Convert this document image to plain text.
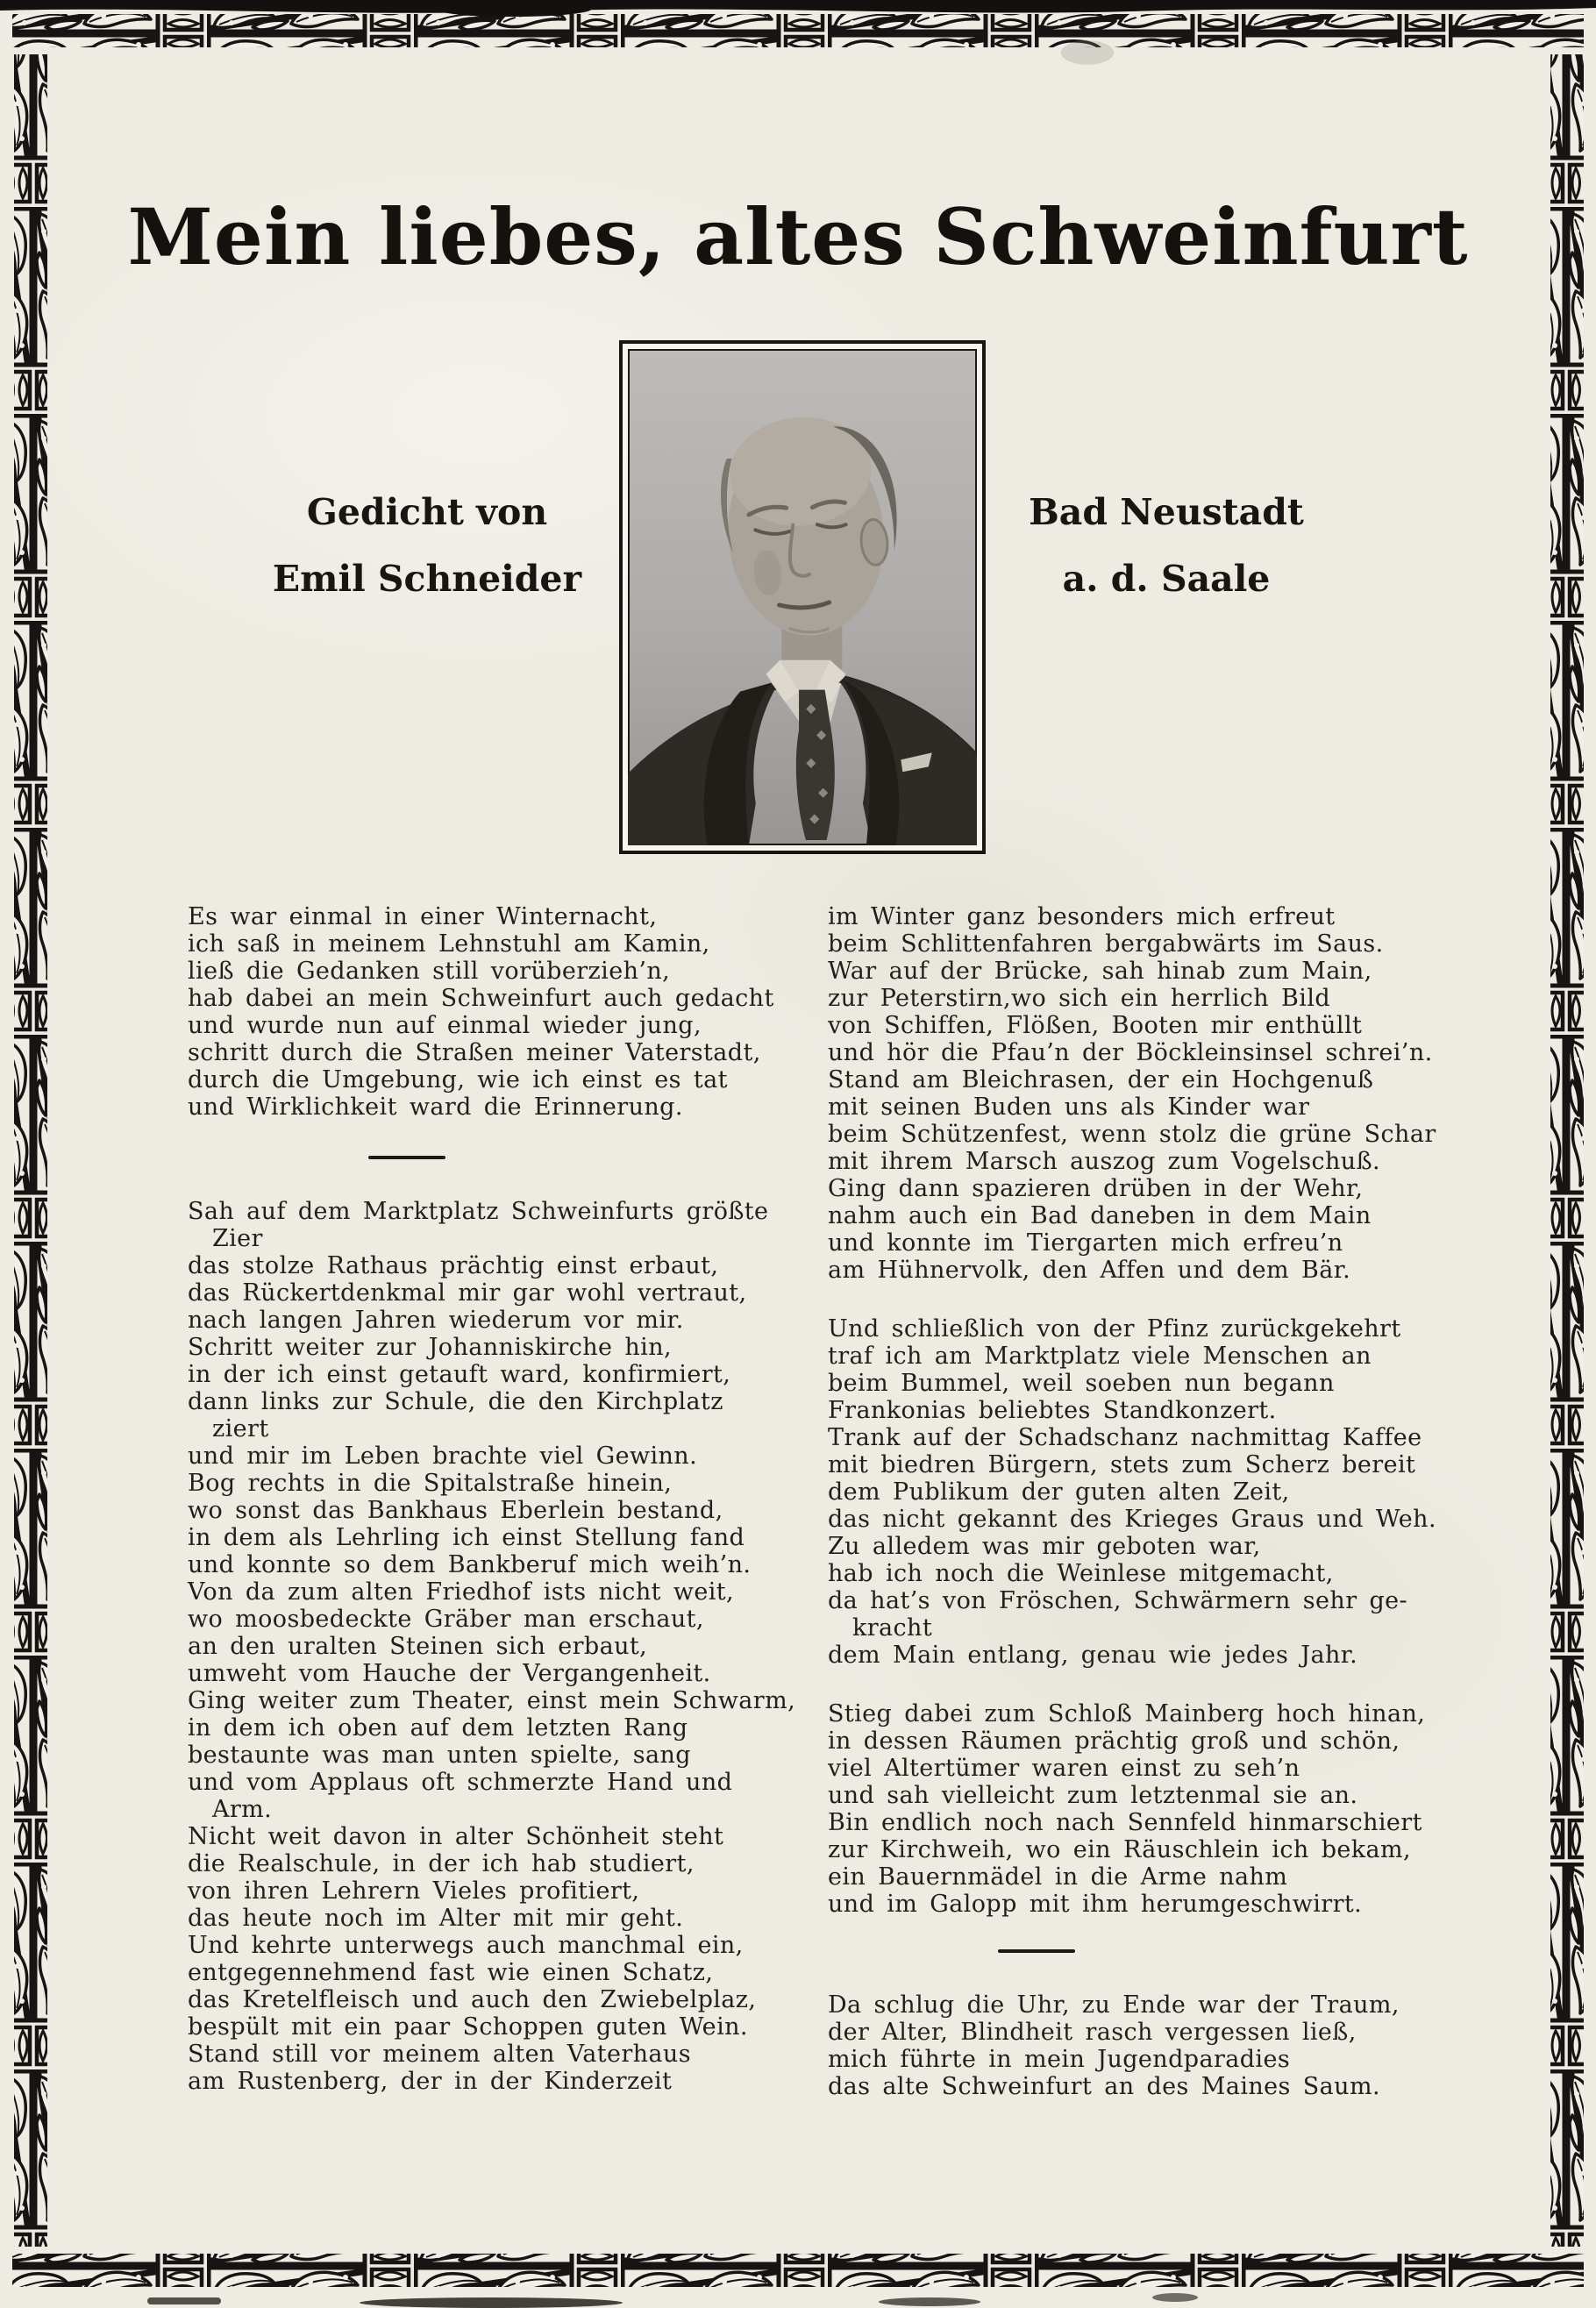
Mein liebes, altes Schweinfurt
Gedicht von
Emil Schneider
Bad Neustadt
a. d. Saale
Es war einmal in einer Winternacht,
ich saß in meinem Lehnstuhl am Kamin,
ließ die Gedanken still vorüberzieh’n,
hab dabei an mein Schweinfurt auch gedacht
und wurde nun auf einmal wieder jung,
schritt durch die Straßen meiner Vaterstadt,
durch die Umgebung, wie ich einst es tat
und Wirklichkeit ward die Erinnerung.
Sah auf dem Marktplatz Schweinfurts größte
Zier
das stolze Rathaus prächtig einst erbaut,
das Rückertdenkmal mir gar wohl vertraut,
nach langen Jahren wiederum vor mir.
Schritt weiter zur Johanniskirche hin,
in der ich einst getauft ward, konfirmiert,
dann links zur Schule, die den Kirchplatz
ziert
und mir im Leben brachte viel Gewinn.
Bog rechts in die Spitalstraße hinein,
wo sonst das Bankhaus Eberlein bestand,
in dem als Lehrling ich einst Stellung fand
und konnte so dem Bankberuf mich weih’n.
Von da zum alten Friedhof ists nicht weit,
wo moosbedeckte Gräber man erschaut,
an den uralten Steinen sich erbaut,
umweht vom Hauche der Vergangenheit.
Ging weiter zum Theater, einst mein Schwarm,
in dem ich oben auf dem letzten Rang
bestaunte was man unten spielte, sang
und vom Applaus oft schmerzte Hand und
Arm.
Nicht weit davon in alter Schönheit steht
die Realschule, in der ich hab studiert,
von ihren Lehrern Vieles profitiert,
das heute noch im Alter mit mir geht.
Und kehrte unterwegs auch manchmal ein,
entgegennehmend fast wie einen Schatz,
das Kretelfleisch und auch den Zwiebelplaz,
bespült mit ein paar Schoppen guten Wein.
Stand still vor meinem alten Vaterhaus
am Rustenberg, der in der Kinderzeit
im Winter ganz besonders mich erfreut
beim Schlittenfahren bergabwärts im Saus.
War auf der Brücke, sah hinab zum Main,
zur Peterstirn,wo sich ein herrlich Bild
von Schiffen, Flößen, Booten mir enthüllt
und hör die Pfau’n der Böckleinsinsel schrei’n.
Stand am Bleichrasen, der ein Hochgenuß
mit seinen Buden uns als Kinder war
beim Schützenfest, wenn stolz die grüne Schar
mit ihrem Marsch auszog zum Vogelschuß.
Ging dann spazieren drüben in der Wehr,
nahm auch ein Bad daneben in dem Main
und konnte im Tiergarten mich erfreu’n
am Hühnervolk, den Affen und dem Bär.
Und schließlich von der Pfinz zurückgekehrt
traf ich am Marktplatz viele Menschen an
beim Bummel, weil soeben nun begann
Frankonias beliebtes Standkonzert.
Trank auf der Schadschanz nachmittag Kaffee
mit biedren Bürgern, stets zum Scherz bereit
dem Publikum der guten alten Zeit,
das nicht gekannt des Krieges Graus und Weh.
Zu alledem was mir geboten war,
hab ich noch die Weinlese mitgemacht,
da hat’s von Fröschen, Schwärmern sehr ge-
kracht
dem Main entlang, genau wie jedes Jahr.
Stieg dabei zum Schloß Mainberg hoch hinan,
in dessen Räumen prächtig groß und schön,
viel Altertümer waren einst zu seh’n
und sah vielleicht zum letztenmal sie an.
Bin endlich noch nach Sennfeld hinmarschiert
zur Kirchweih, wo ein Räuschlein ich bekam,
ein Bauernmädel in die Arme nahm
und im Galopp mit ihm herumgeschwirrt.
Da schlug die Uhr, zu Ende war der Traum,
der Alter, Blindheit rasch vergessen ließ,
mich führte in mein Jugendparadies
das alte Schweinfurt an des Maines Saum.
